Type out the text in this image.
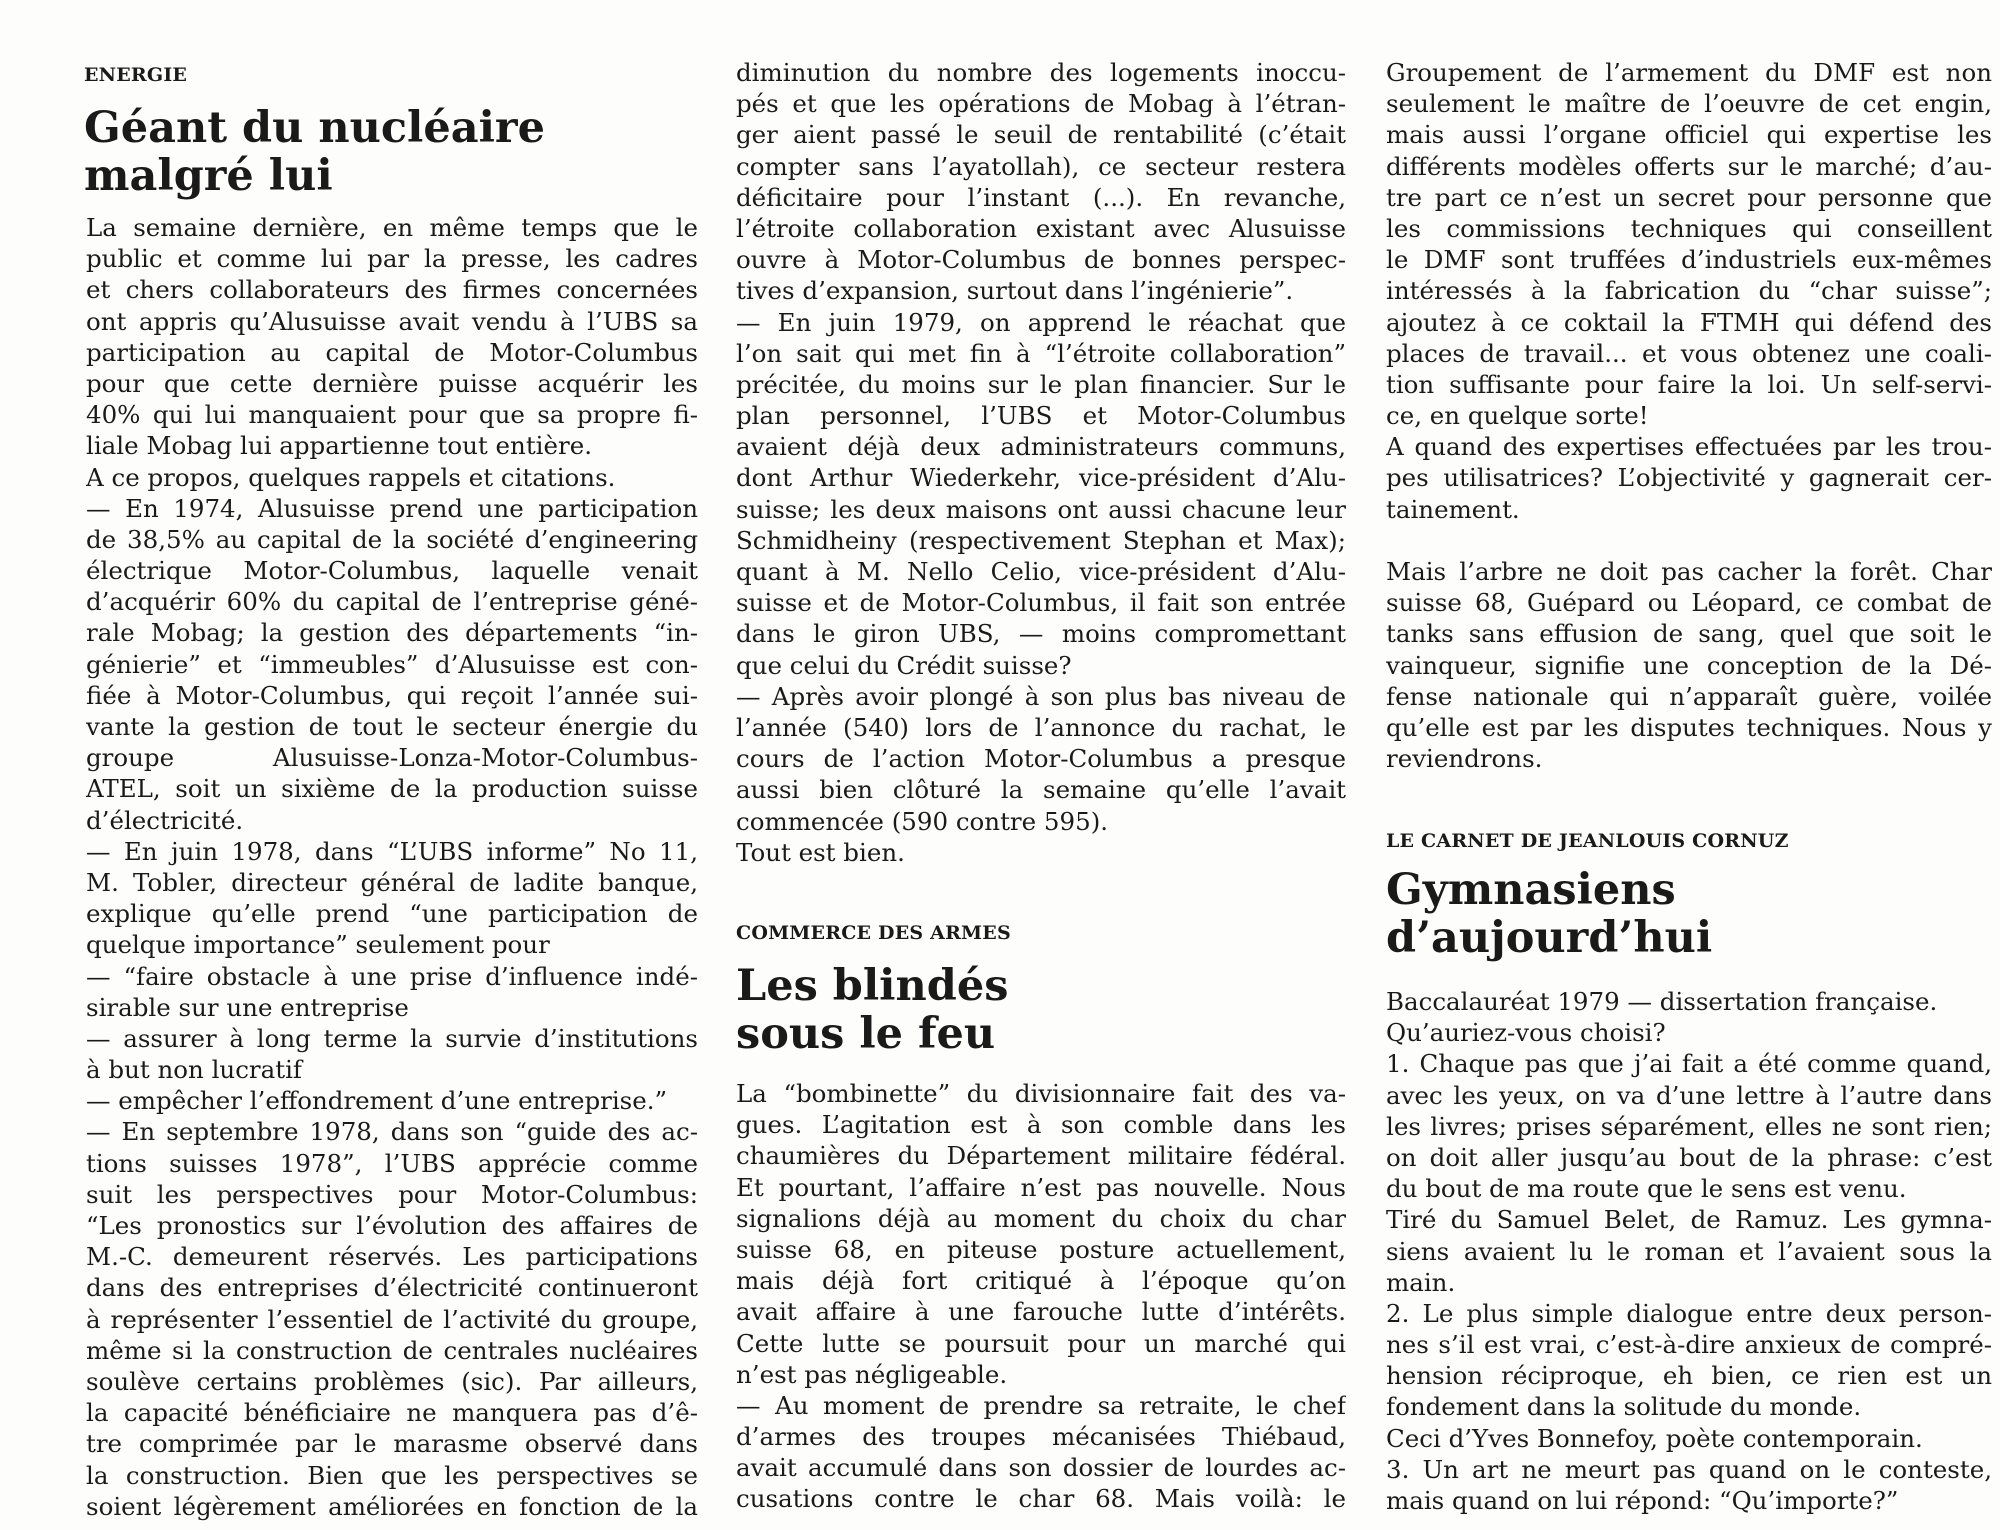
ENERGIE
Géant du nucléaire
malgré lui
La semaine dernière, en même temps que le
public et comme lui par la presse, les cadres
et chers collaborateurs des firmes concernées
ont appris qu’Alusuisse avait vendu à l’UBS sa
participation au capital de Motor-Columbus
pour que cette dernière puisse acquérir les
40% qui lui manquaient pour que sa propre fi-
liale Mobag lui appartienne tout entière.
A ce propos, quelques rappels et citations.
— En 1974, Alusuisse prend une participation
de 38,5% au capital de la société d’engineering
électrique Motor-Columbus, laquelle venait
d’acquérir 60% du capital de l’entreprise géné-
rale Mobag; la gestion des départements “in-
génierie” et “immeubles” d’Alusuisse est con-
fiée à Motor-Columbus, qui reçoit l’année sui-
vante la gestion de tout le secteur énergie du
groupe Alusuisse-Lonza-Motor-Columbus-
ATEL, soit un sixième de la production suisse
d’électricité.
— En juin 1978, dans “L’UBS informe” No 11,
M. Tobler, directeur général de ladite banque,
explique qu’elle prend “une participation de
quelque importance” seulement pour
— “faire obstacle à une prise d’influence indé-
sirable sur une entreprise
— assurer à long terme la survie d’institutions
à but non lucratif
— empêcher l’effondrement d’une entreprise.”
— En septembre 1978, dans son “guide des ac-
tions suisses 1978”, l’UBS apprécie comme
suit les perspectives pour Motor-Columbus:
“Les pronostics sur l’évolution des affaires de
M.-C. demeurent réservés. Les participations
dans des entreprises d’électricité continueront
à représenter l’essentiel de l’activité du groupe,
même si la construction de centrales nucléaires
soulève certains problèmes (sic). Par ailleurs,
la capacité bénéficiaire ne manquera pas d’ê-
tre comprimée par le marasme observé dans
la construction. Bien que les perspectives se
soient légèrement améliorées en fonction de la
diminution du nombre des logements inoccu-
pés et que les opérations de Mobag à l’étran-
ger aient passé le seuil de rentabilité (c’était
compter sans l’ayatollah), ce secteur restera
déficitaire pour l’instant (...). En revanche,
l’étroite collaboration existant avec Alusuisse
ouvre à Motor-Columbus de bonnes perspec-
tives d’expansion, surtout dans l’ingénierie”.
— En juin 1979, on apprend le réachat que
l’on sait qui met fin à “l’étroite collaboration”
précitée, du moins sur le plan financier. Sur le
plan personnel, l’UBS et Motor-Columbus
avaient déjà deux administrateurs communs,
dont Arthur Wiederkehr, vice-président d’Alu-
suisse; les deux maisons ont aussi chacune leur
Schmidheiny (respectivement Stephan et Max);
quant à M. Nello Celio, vice-président d’Alu-
suisse et de Motor-Columbus, il fait son entrée
dans le giron UBS, — moins compromettant
que celui du Crédit suisse?
— Après avoir plongé à son plus bas niveau de
l’année (540) lors de l’annonce du rachat, le
cours de l’action Motor-Columbus a presque
aussi bien clôturé la semaine qu’elle l’avait
commencée (590 contre 595).
Tout est bien.
COMMERCE DES ARMES
Les blindés
sous le feu
La “bombinette” du divisionnaire fait des va-
gues. L’agitation est à son comble dans les
chaumières du Département militaire fédéral.
Et pourtant, l’affaire n’est pas nouvelle. Nous
signalions déjà au moment du choix du char
suisse 68, en piteuse posture actuellement,
mais déjà fort critiqué à l’époque qu’on
avait affaire à une farouche lutte d’intérêts.
Cette lutte se poursuit pour un marché qui
n’est pas négligeable.
— Au moment de prendre sa retraite, le chef
d’armes des troupes mécanisées Thiébaud,
avait accumulé dans son dossier de lourdes ac-
cusations contre le char 68. Mais voilà: le
Groupement de l’armement du DMF est non
seulement le maître de l’oeuvre de cet engin,
mais aussi l’organe officiel qui expertise les
différents modèles offerts sur le marché; d’au-
tre part ce n’est un secret pour personne que
les commissions techniques qui conseillent
le DMF sont truffées d’industriels eux-mêmes
intéressés à la fabrication du “char suisse”;
ajoutez à ce coktail la FTMH qui défend des
places de travail... et vous obtenez une coali-
tion suffisante pour faire la loi. Un self-servi-
ce, en quelque sorte!
A quand des expertises effectuées par les trou-
pes utilisatrices? L’objectivité y gagnerait cer-
tainement.
Mais l’arbre ne doit pas cacher la forêt. Char
suisse 68, Guépard ou Léopard, ce combat de
tanks sans effusion de sang, quel que soit le
vainqueur, signifie une conception de la Dé-
fense nationale qui n’apparaît guère, voilée
qu’elle est par les disputes techniques. Nous y
reviendrons.
LE CARNET DE JEANLOUIS CORNUZ
Gymnasiens
d’aujourd’hui
Baccalauréat 1979 — dissertation française.
Qu’auriez-vous choisi?
1. Chaque pas que j’ai fait a été comme quand,
avec les yeux, on va d’une lettre à l’autre dans
les livres; prises séparément, elles ne sont rien;
on doit aller jusqu’au bout de la phrase: c’est
du bout de ma route que le sens est venu.
Tiré du Samuel Belet, de Ramuz. Les gymna-
siens avaient lu le roman et l’avaient sous la
main.
2. Le plus simple dialogue entre deux person-
nes s’il est vrai, c’est-à-dire anxieux de compré-
hension réciproque, eh bien, ce rien est un
fondement dans la solitude du monde.
Ceci d’Yves Bonnefoy, poète contemporain.
3. Un art ne meurt pas quand on le conteste,
mais quand on lui répond: “Qu’importe?”
